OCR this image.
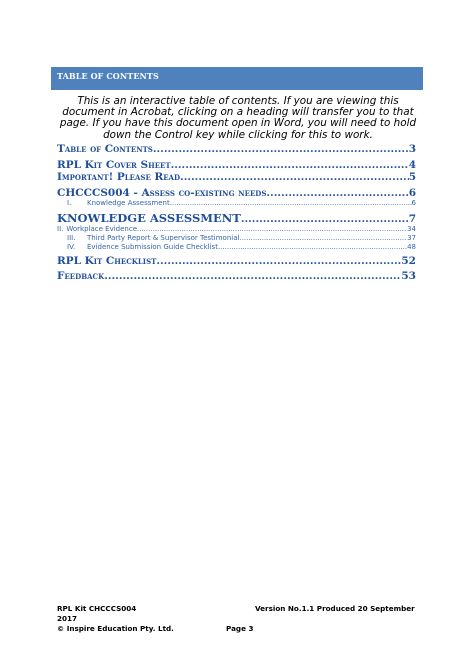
TABLE OF CONTENTS
This is an interactive table of contents. If you are viewing this document in Acrobat, clicking on a heading will transfer you to that page. If you have this document open in Word, you will need to hold down the Control key while clicking for this to work.
Table of Contents .....	3
RPL Kit Cover Sheet .....	4
Important! Please Read .....	5
CHCCCS004 - Assess co-existing needs .....	6
I. Knowledge Assessment .....	6
KNOWLEDGE ASSESSMENT .....	7
II. Workplace Evidence .....	34
III. Third Party Report & Supervisor Testimonial .....	37
IV. Evidence Submission Guide Checklist .....	48
RPL Kit Checklist .....	52
Feedback .....	53
RPL Kit CHCCCS004	Version No.1.1 Produced 20 September
2017
© Inspire Education Pty. Ltd.	Page 3
